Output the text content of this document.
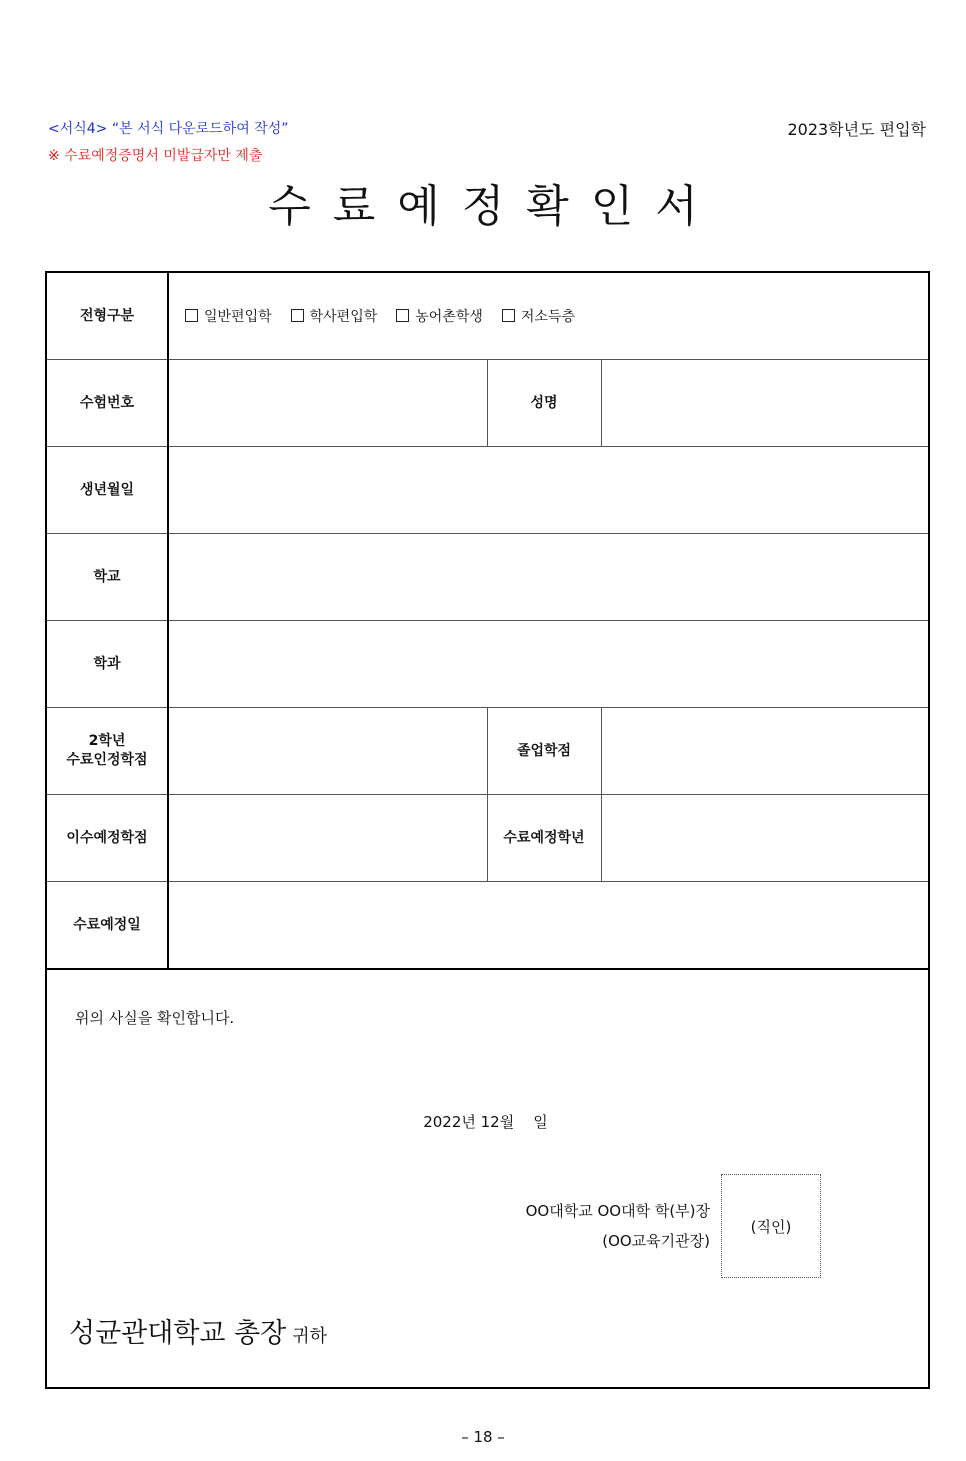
<서식4> “본 서식 다운로드하여 작성”
※ 수료예정증명서 미발급자만 제출
2023학년도 편입학
수료예정확인서
전형구분	일반편입학 학사편입학 농어촌학생 저소득층		
수험번호		성명	
생년월일			
학교			
학과			

2학년
수료인정학점		졸업학점	
이수예정학점		수료예정학년	
수료예정일			
위의 사실을 확인합니다.
2022년 12월    일
OO대학교 OO대학 학(부)장
(OO교육기관장)
(직인)
성균관대학교 총장 귀하
– 18 –
